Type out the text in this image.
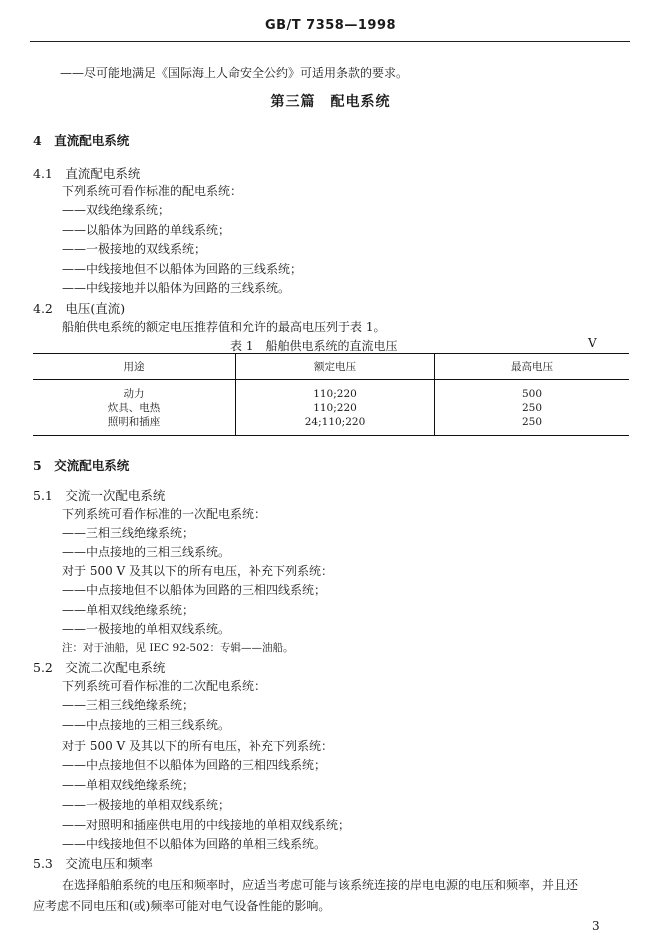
GB/T 7358—1998
——尽可能地满足《国际海上人命安全公约》可适用条款的要求。
第三篇　配电系统
4　直流配电系统
4.1　直流配电系统
下列系统可看作标准的配电系统：
——双线绝缘系统；
——以船体为回路的单线系统；
——一极接地的双线系统；
——中线接地但不以船体为回路的三线系统；
——中线接地并以船体为回路的三线系统。
4.2　电压(直流)
船舶供电系统的额定电压推荐值和允许的最高电压列于表 1。
表 1　船舶供电系统的直流电压	V
用途	额定电压	最高电压
动力	110;220	500
炊具、电热	110;220	250
照明和插座	24;110;220	250
5　交流配电系统
5.1　交流一次配电系统
下列系统可看作标准的一次配电系统：
——三相三线绝缘系统；
——中点接地的三相三线系统。
对于 500 V 及其以下的所有电压，补充下列系统：
——中点接地但不以船体为回路的三相四线系统；
——单相双线绝缘系统；
——一极接地的单相双线系统。
注：对于油船，见 IEC 92-502：专辑——油船。
5.2　交流二次配电系统
下列系统可看作标准的二次配电系统：
——三相三线绝缘系统；
——中点接地的三相三线系统。
对于 500 V 及其以下的所有电压，补充下列系统：
——中点接地但不以船体为回路的三相四线系统；
——单相双线绝缘系统；
——一极接地的单相双线系统；
——对照明和插座供电用的中线接地的单相双线系统；
——中线接地但不以船体为回路的单相三线系统。
5.3　交流电压和频率
在选择船舶系统的电压和频率时，应适当考虑可能与该系统连接的岸电电源的电压和频率，并且还
应考虑不同电压和(或)频率可能对电气设备性能的影响。
3
